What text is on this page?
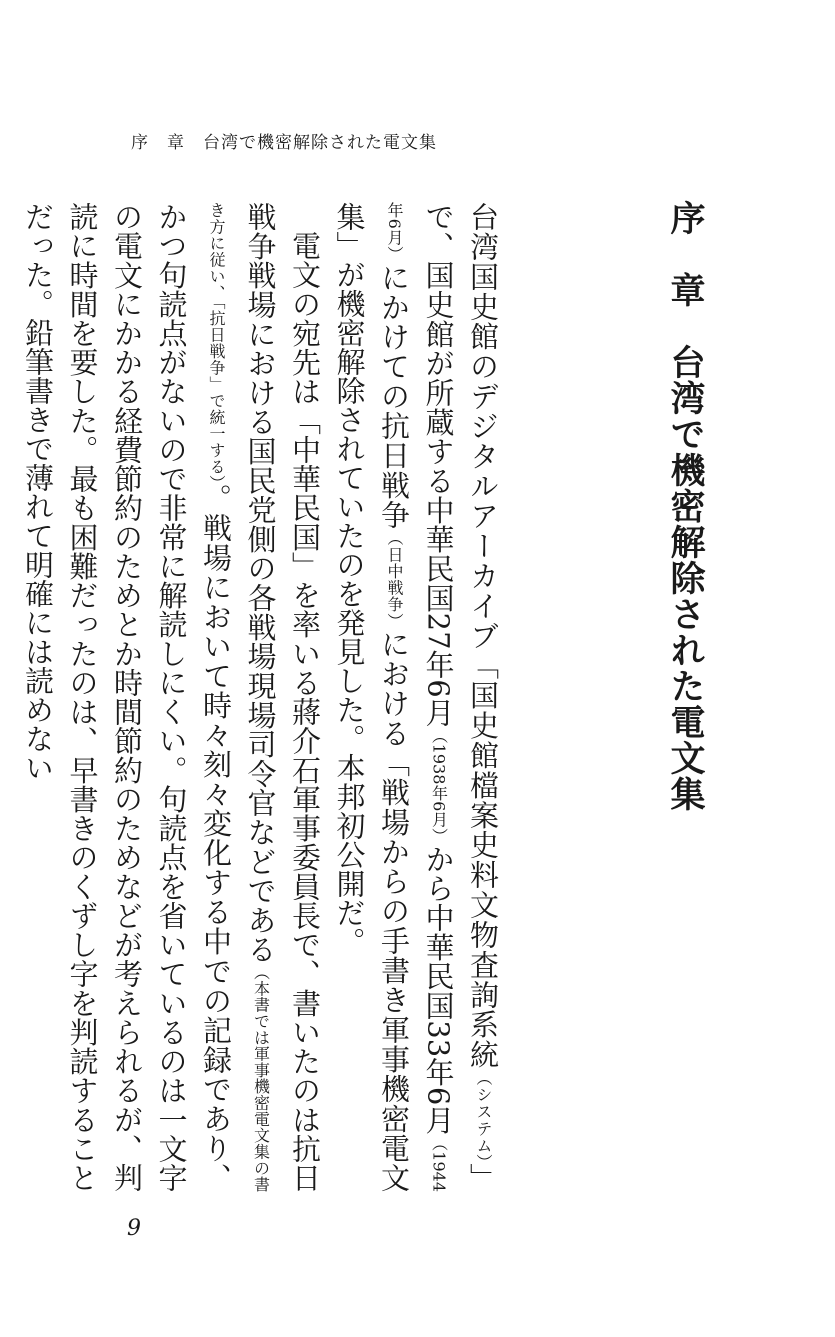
序　章　台湾で機密解除された電文集
序　章　台湾で機密解除された電文集

台湾国史館のデジタルアーカイブ「国史館檔案史料文物査詢系統（システム）」で、国史館が所蔵する中華民国27年6月（1938年6月）から中華民国33年6月（1944年6月）にかけての抗日戦争（日中戦争）における「戦場からの手書き軍事機密電文集」が機密解除されていたのを発見した。本邦初公開だ。

電文の宛先は「中華民国」を率いる蔣介石軍事委員長で、書いたのは抗日戦争戦場における国民党側の各戦場現場司令官などである（本書では軍事機密電文集の書き方に従い、「抗日戦争」で統一する）。戦場において時々刻々変化する中での記録であり、かつ句読点がないので非常に解読しにくい。句読点を省いているのは一文字の電文にかかる経費節約のためとか時間節約のためなどが考えられるが、判読に時間を要した。最も困難だったのは、早書きのくずし字を判読することだった。鉛筆書きで薄れて明確には読めない

9
